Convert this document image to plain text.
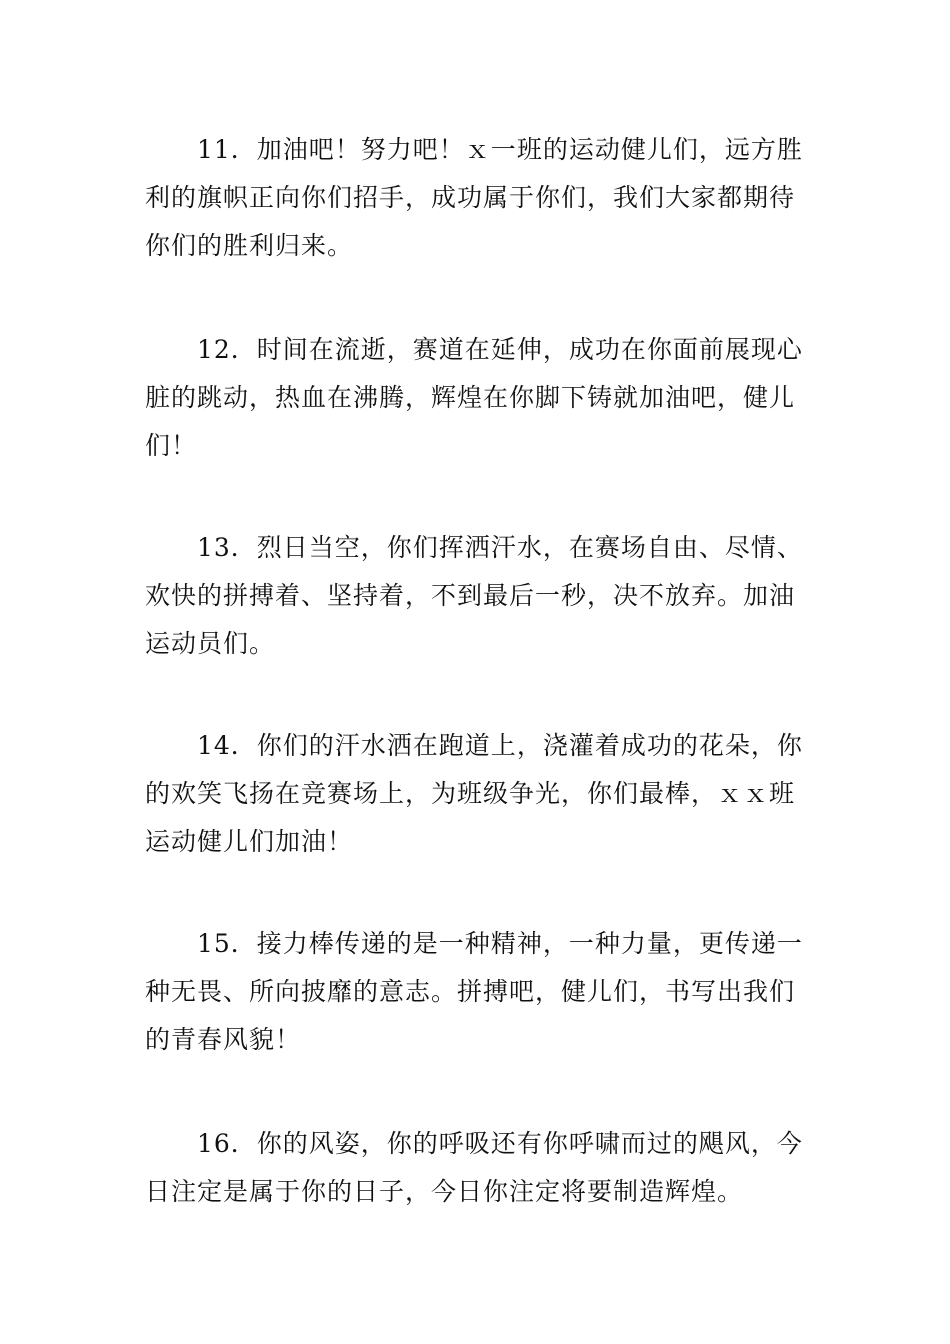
11．加油吧！努力吧！ｘ一班的运动健儿们，远方胜
利的旗帜正向你们招手，成功属于你们，我们大家都期待
你们的胜利归来。

12．时间在流逝，赛道在延伸，成功在你面前展现心
脏的跳动，热血在沸腾，辉煌在你脚下铸就加油吧，健儿
们！

13．烈日当空，你们挥洒汗水，在赛场自由、尽情、
欢快的拼搏着、坚持着，不到最后一秒，决不放弃。加油
运动员们。

14．你们的汗水洒在跑道上，浇灌着成功的花朵，你
的欢笑飞扬在竞赛场上，为班级争光，你们最棒，ｘｘ班
运动健儿们加油！

15．接力棒传递的是一种精神，一种力量，更传递一
种无畏、所向披靡的意志。拼搏吧，健儿们，书写出我们
的青春风貌！

16．你的风姿，你的呼吸还有你呼啸而过的飓风，今
日注定是属于你的日子，今日你注定将要制造辉煌。
